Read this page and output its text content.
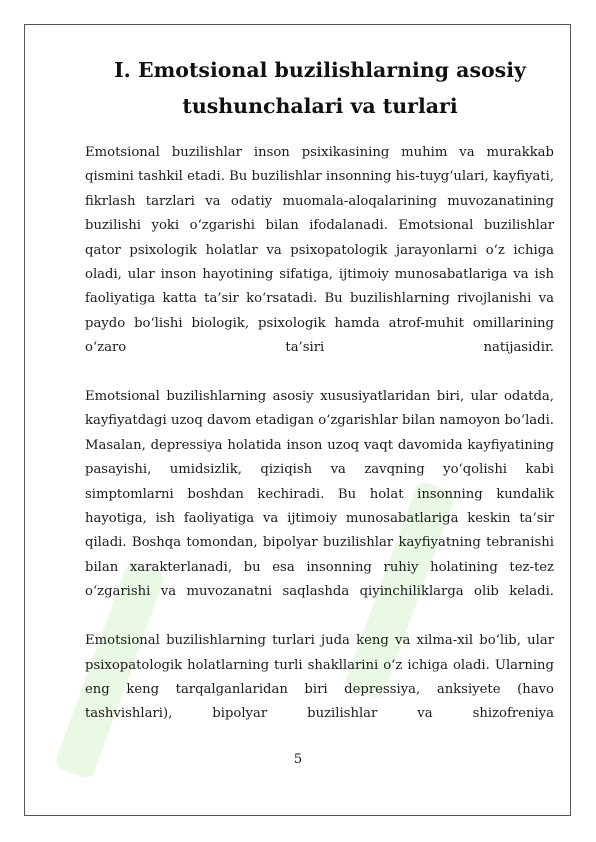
I. Emotsional buzilishlarning asosiy
tushunchalari va turlari

Emotsional buzilishlar inson psixikasining muhim va murakkab qismini tashkil etadi. Bu buzilishlar insonning his-tuyg‘ulari, kayfiyati, fikrlash tarzlari va odatiy muomala-aloqalarining muvozanatining buzilishi yoki o‘zgarishi bilan ifodalanadi. Emotsional buzilishlar qator psixologik holatlar va psixopatologik jarayonlarni o‘z ichiga oladi, ular inson hayotining sifatiga, ijtimoiy munosabatlariga va ish faoliyatiga katta ta’sir ko‘rsatadi. Bu buzilishlarning rivojlanishi va paydo bo‘lishi biologik, psixologik hamda atrof-muhit omillarining o‘zaro ta’siri natijasidir.

Emotsional buzilishlarning asosiy xususiyatlaridan biri, ular odatda, kayfiyatdagi uzoq davom etadigan o‘zgarishlar bilan namoyon bo‘ladi. Masalan, depressiya holatida inson uzoq vaqt davomida kayfiyatining pasayishi, umidsizlik, qiziqish va zavqning yo‘qolishi kabi simptomlarni boshdan kechiradi. Bu holat insonning kundalik hayotiga, ish faoliyatiga va ijtimoiy munosabatlariga keskin ta’sir qiladi. Boshqa tomondan, bipolyar buzilishlar kayfiyatning tebranishi bilan xarakterlanadi, bu esa insonning ruhiy holatining tez-tez o‘zgarishi va muvozanatni saqlashda qiyinchiliklarga olib keladi.

Emotsional buzilishlarning turlari juda keng va xilma-xil bo‘lib, ular psixopatologik holatlarning turli shakllarini o‘z ichiga oladi. Ularning eng keng tarqalganlaridan biri depressiya, anksiyete (havo tashvishlari), bipolyar buzilishlar va shizofreniya

5
